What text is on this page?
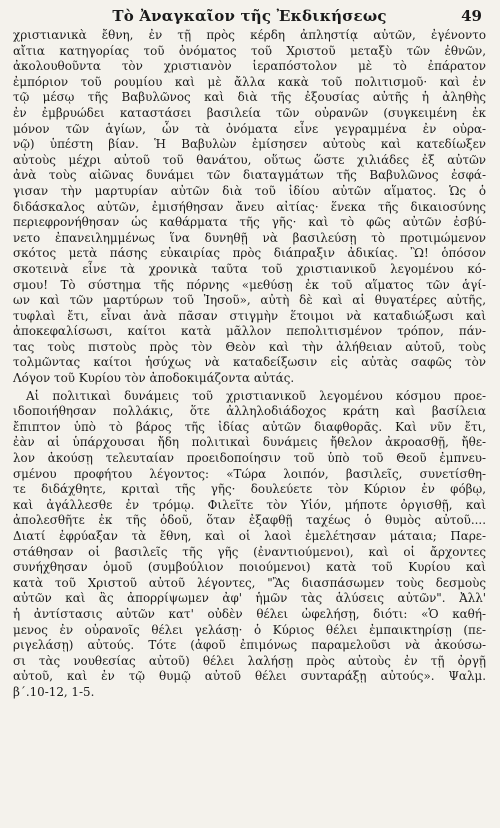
Τὸ Ἀναγκαῖον τῆς Ἐκδικήσεως	49
χριστιανικὰ ἔθνη, ἐν τῇ πρὸς κέρδη ἀπληστίᾳ αὐτῶν, ἐγένοντο
αἴτια κατηγορίας τοῦ ὀνόματος τοῦ Χριστοῦ μεταξὺ τῶν ἐθνῶν,
ἀκολουθοῦντα τὸν χριστιανὸν ἱεραπόστολον μὲ τὸ ἐπάρατον
ἐμπόριον τοῦ ρουμίου καὶ μὲ ἄλλα κακὰ τοῦ πολιτισμοῦ· καὶ ἐν
τῷ μέσῳ τῆς Βαβυλῶνος καὶ διὰ τῆς ἐξουσίας αὐτῆς ἡ ἀληθὴς
ἐν ἐμβρυώδει καταστάσει βασιλεία τῶν οὐρανῶν (συγκειμένη ἐκ
μόνον τῶν ἁγίων, ὧν τὰ ὀνόματα εἶνε γεγραμμένα ἐν οὐρα-
νῷ) ὑπέστη βίαν. Ἡ Βαβυλὼν ἐμίσησεν αὐτοὺς καὶ κατεδίωξεν
αὐτοὺς μέχρι αὐτοῦ τοῦ θανάτου, οὕτως ὥστε χιλιάδες ἐξ αὐτῶν
ἀνὰ τοὺς αἰῶνας δυνάμει τῶν διαταγμάτων τῆς Βαβυλῶνος ἐσφά-
γισαν τὴν μαρτυρίαν αὐτῶν διὰ τοῦ ἰδίου αὐτῶν αἵματος. Ὡς ὁ
διδάσκαλος αὐτῶν, ἐμισήθησαν ἄνευ αἰτίας· ἕνεκα τῆς δικαιοσύνης
περιεφρονήθησαν ὡς καθάρματα τῆς γῆς· καὶ τὸ φῶς αὐτῶν ἐσβύ-
νετο ἐπανειλημμένως ἵνα δυνηθῇ νὰ βασιλεύσῃ τὸ προτιμώμενον
σκότος μετὰ πάσης εὐκαιρίας πρὸς διάπραξιν ἀδικίας. Ὢ! ὁπόσον
σκοτεινὰ εἶνε τὰ χρονικὰ ταῦτα τοῦ χριστιανικοῦ λεγομένου κό-
σμου! Τὸ σύστημα τῆς πόρνης «μεθύσῃ ἐκ τοῦ αἵματος τῶν ἁγί-
ων καὶ τῶν μαρτύρων τοῦ Ἰησοῦ», αὐτὴ δὲ καὶ αἱ θυγατέρες αὐτῆς,
τυφλαὶ ἔτι, εἶναι ἀνὰ πᾶσαν στιγμὴν ἕτοιμοι νὰ καταδιώξωσι καὶ
ἀποκεφαλίσωσι, καίτοι κατὰ μᾶλλον πεπολιτισμένον τρόπον, πάν-
τας τοὺς πιστοὺς πρὸς τὸν Θεὸν καὶ τὴν ἀλήθειαν αὐτοῦ, τοὺς
τολμῶντας καίτοι ἡσύχως νὰ καταδείξωσιν εἰς αὐτὰς σαφῶς τὸν
Λόγον τοῦ Κυρίου τὸν ἀποδοκιμάζοντα αὐτάς.
Αἱ πολιτικαὶ δυνάμεις τοῦ χριστιανικοῦ λεγομένου κόσμου προε-
ιδοποιήθησαν πολλάκις, ὅτε ἀλληλοδιάδοχος κράτη καὶ βασίλεια
ἔπιπτον ὑπὸ τὸ βάρος τῆς ἰδίας αὐτῶν διαφθορᾶς. Καὶ νῦν ἔτι,
ἐὰν αἱ ὑπάρχουσαι ἤδη πολιτικαὶ δυνάμεις ἤθελον ἀκροασθῇ, ἤθε-
λον ἀκούσῃ τελευταίαν προειδοποίησιν τοῦ ὑπὸ τοῦ Θεοῦ ἐμπνευ-
σμένου προφήτου λέγοντος: «Τώρα λοιπόν, βασιλεῖς, συνετίσθη-
τε διδάχθητε, κριταὶ τῆς γῆς· δουλεύετε τὸν Κύριον ἐν φόβῳ,
καὶ ἀγάλλεσθε ἐν τρόμῳ. Φιλεῖτε τὸν Υἱόν, μήποτε ὀργισθῇ, καὶ
ἀπολεσθῆτε ἐκ τῆς ὁδοῦ, ὅταν ἐξαφθῇ ταχέως ὁ θυμὸς αὐτοῦ....
Διατί ἐφρύαξαν τὰ ἔθνη, καὶ οἱ λαοὶ ἐμελέτησαν μάταια; Παρε-
στάθησαν οἱ βασιλεῖς τῆς γῆς (ἐναντιούμενοι), καὶ οἱ ἄρχοντες
συνήχθησαν ὁμοῦ (συμβούλιον ποιούμενοι) κατὰ τοῦ Κυρίου καὶ
κατὰ τοῦ Χριστοῦ αὐτοῦ λέγοντες, "Ἂς διασπάσωμεν τοὺς δεσμοὺς
αὐτῶν καὶ ἂς ἀπορρίψωμεν ἀφ' ἡμῶν τὰς ἁλύσεις αὐτῶν". Ἀλλ'
ἡ ἀντίστασις αὐτῶν κατ' οὐδὲν θέλει ὠφελήσῃ, διότι: «Ὁ καθή-
μενος ἐν οὐρανοῖς θέλει γελάσῃ· ὁ Κύριος θέλει ἐμπαικτηρίσῃ (πε-
ριγελάσῃ) αὐτούς. Τότε (ἀφοῦ ἐπιμόνως παραμελοῦσι νὰ ἀκούσω-
σι τὰς νουθεσίας αὐτοῦ) θέλει λαλήσῃ πρὸς αὐτοὺς ἐν τῇ ὀργῇ
αὐτοῦ, καὶ ἐν τῷ θυμῷ αὐτοῦ θέλει συνταράξῃ αὐτούς». Ψαλμ.
β΄.10-12, 1-5.
